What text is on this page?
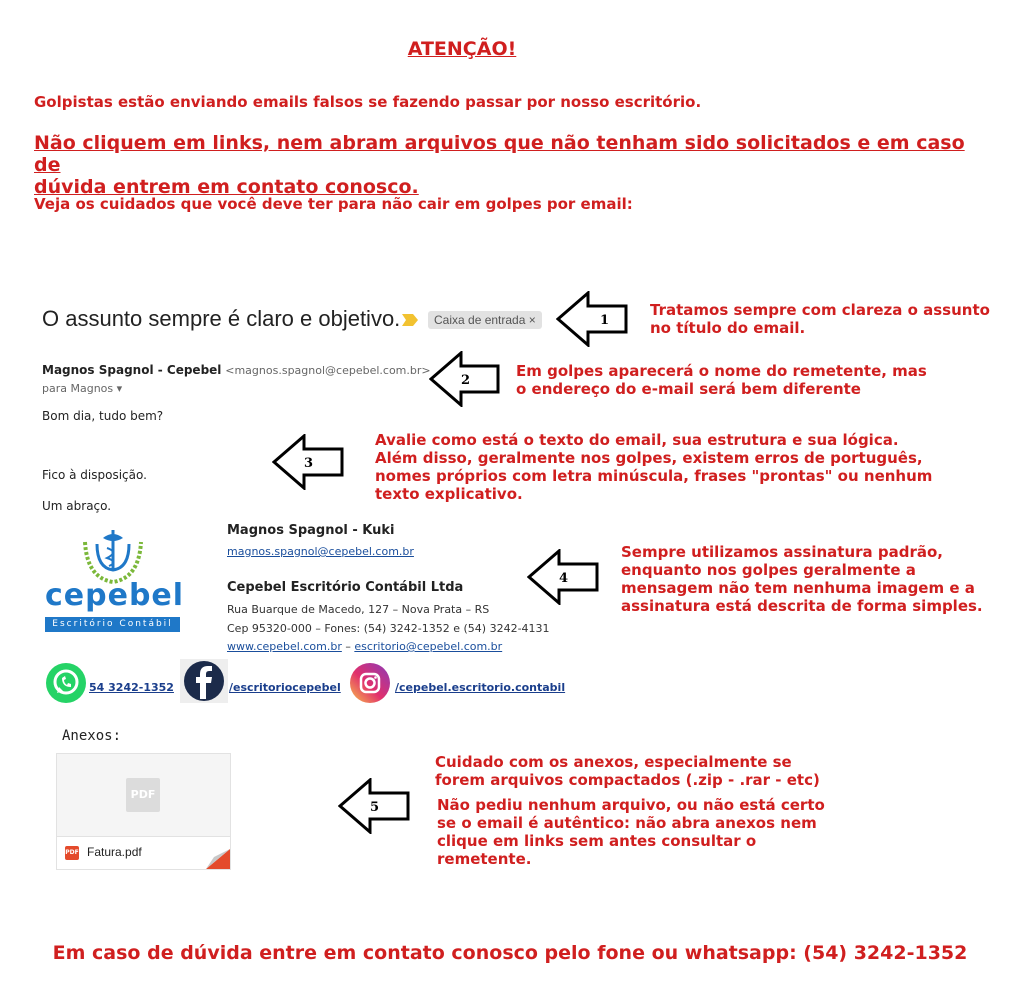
ATENÇÃO!
Golpistas estão enviando emails falsos se fazendo passar por nosso escritório.
Não cliquem em links, nem abram arquivos que não tenham sido solicitados e em caso de
dúvida entrem em contato conosco.
Veja os cuidados que você deve ter para não cair em golpes por email:
O assunto sempre é claro e objetivo.	Caixa de entrada ×	1
Tratamos sempre com clareza o assunto
no título do email.
Magnos Spagnol - Cepebel <magnos.spagnol@cepebel.com.br>
para Magnos ▾
2
Em golpes aparecerá o nome do remetente, mas
o endereço do e-mail será bem diferente
Bom dia, tudo bem?
Fico à disposição.
Um abraço.
3
Avalie como está o texto do email, sua estrutura e sua lógica.
Além disso, geralmente nos golpes, existem erros de português,
nomes próprios com letra minúscula, frases "prontas" ou nenhum
texto explicativo.
cepebel
Escritório Contábil
Magnos Spagnol - Kuki
magnos.spagnol@cepebel.com.br
Cepebel Escritório Contábil Ltda
Rua Buarque de Macedo, 127 – Nova Prata – RS
Cep 95320-000 – Fones: (54) 3242-1352 e (54) 3242-4131
www.cepebel.com.br – escritorio@cepebel.com.br
4
Sempre utilizamos assinatura padrão,
enquanto nos golpes geralmente a
mensagem não tem nenhuma imagem e a
assinatura está descrita de forma simples.
54 3242-1352	/escritoriocepebel	/cepebel.escritorio.contabil
Anexos:
PDF
PDF Fatura.pdf
5
Cuidado com os anexos, especialmente se
forem arquivos compactados (.zip - .rar - etc)
Não pediu nenhum arquivo, ou não está certo
se o email é autêntico: não abra anexos nem
clique em links sem antes consultar o
remetente.
Em caso de dúvida entre em contato conosco pelo fone ou whatsapp: (54) 3242-1352
